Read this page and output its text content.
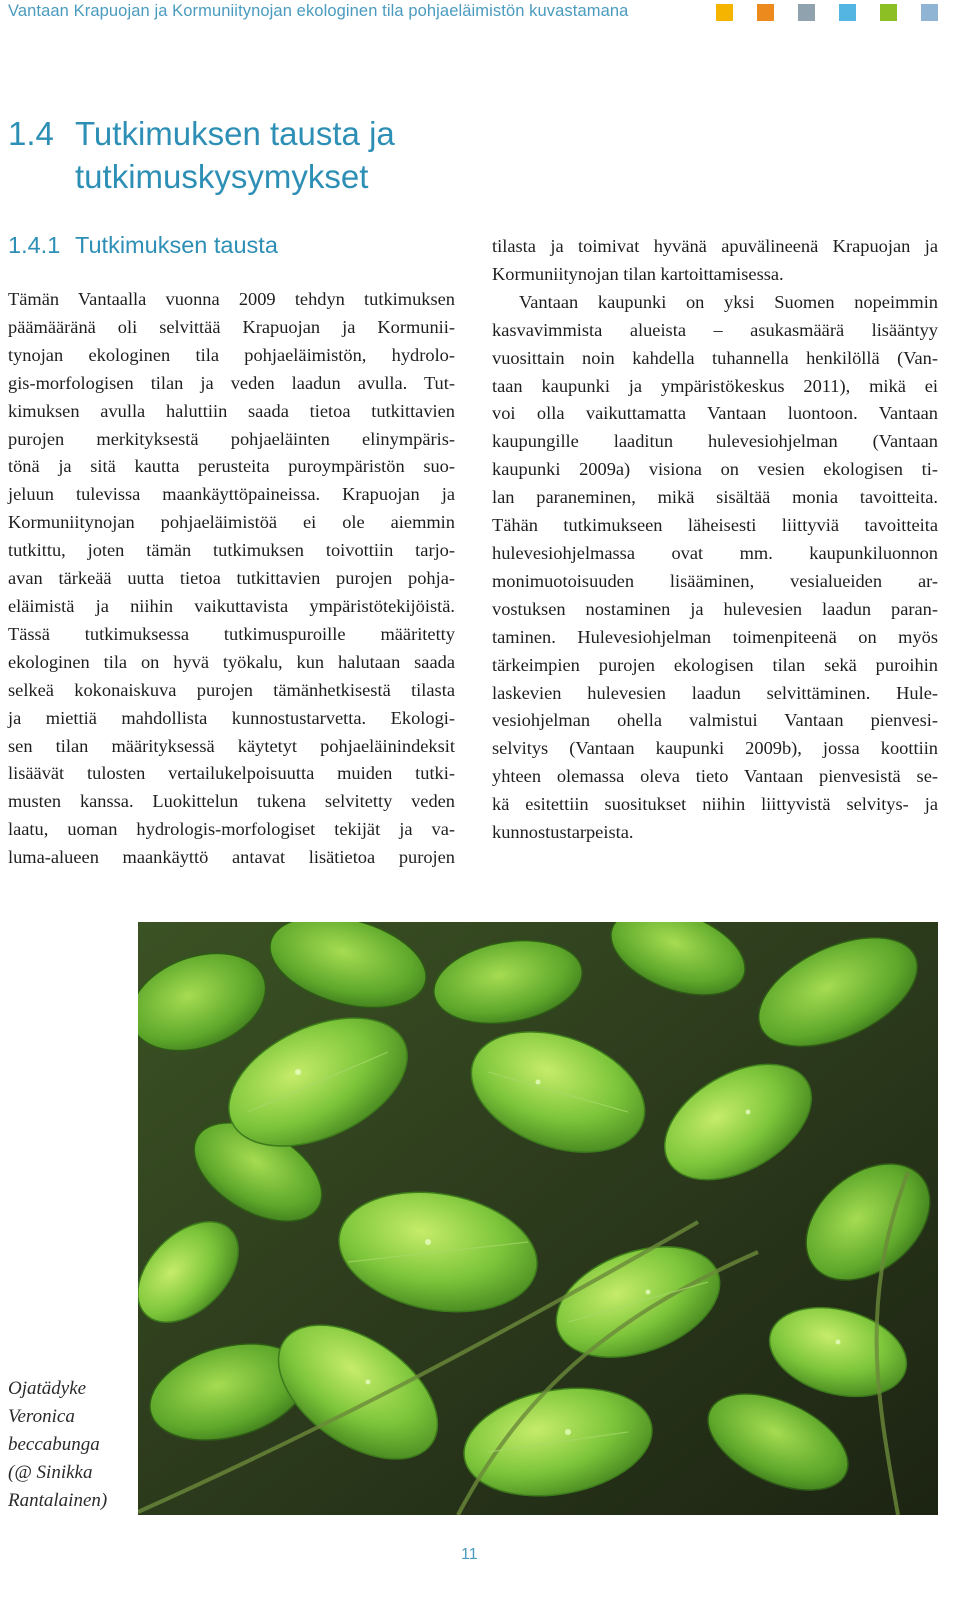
Vantaan Krapuojan ja Kormuniitynojan ekologinen tila pohjaeläimistön kuvastamana
1.4 Tutkimuksen tausta ja
tutkimuskysymykset
1.4.1 Tutkimuksen tausta
Tämän Vantaalla vuonna 2009 tehdyn tutkimuksen
päämääränä oli selvittää Krapuojan ja Kormunii-
tynojan ekologinen tila pohjaeläimistön, hydrolo-
gis-morfologisen tilan ja veden laadun avulla. Tut-
kimuksen avulla haluttiin saada tietoa tutkittavien
purojen merkityksestä pohjaeläinten elinympäris-
tönä ja sitä kautta perusteita puroympäristön suo-
jeluun tulevissa maankäyttöpaineissa. Krapuojan ja
Kormuniitynojan pohjaeläimistöä ei ole aiemmin
tutkittu, joten tämän tutkimuksen toivottiin tarjo-
avan tärkeää uutta tietoa tutkittavien purojen pohja-
eläimistä ja niihin vaikuttavista ympäristötekijöistä.
Tässä tutkimuksessa tutkimuspuroille määritetty
ekologinen tila on hyvä työkalu, kun halutaan saada
selkeä kokonaiskuva purojen tämänhetkisestä tilasta
ja miettiä mahdollista kunnostustarvetta. Ekologi-
sen tilan määrityksessä käytetyt pohjaeläinindeksit
lisäävät tulosten vertailukelpoisuutta muiden tutki-
musten kanssa. Luokittelun tukena selvitetty veden
laatu, uoman hydrologis-morfologiset tekijät ja va-
luma-alueen maankäyttö antavat lisätietoa purojen

tilasta ja toimivat hyvänä apuvälineenä Krapuojan ja
Kormuniitynojan tilan kartoittamisessa.

Vantaan kaupunki on yksi Suomen nopeimmin
kasvavimmista alueista – asukasmäärä lisääntyy
vuosittain noin kahdella tuhannella henkilöllä (Van-
taan kaupunki ja ympäristökeskus 2011), mikä ei
voi olla vaikuttamatta Vantaan luontoon. Vantaan
kaupungille laaditun hulevesiohjelman (Vantaan
kaupunki 2009a) visiona on vesien ekologisen ti-
lan paraneminen, mikä sisältää monia tavoitteita.
Tähän tutkimukseen läheisesti liittyviä tavoitteita
hulevesiohjelmassa ovat mm. kaupunkiluonnon
monimuotoisuuden lisääminen, vesialueiden ar-
vostuksen nostaminen ja hulevesien laadun paran-
taminen. Hulevesiohjelman toimenpiteenä on myös
tärkeimpien purojen ekologisen tilan sekä puroihin
laskevien hulevesien laadun selvittäminen. Hule-
vesiohjelman ohella valmistui Vantaan pienvesi-
selvitys (Vantaan kaupunki 2009b), jossa koottiin
yhteen olemassa oleva tieto Vantaan pienvesistä se-
kä esitettiin suositukset niihin liittyvistä selvitys- ja
kunnostustarpeista.

Ojatädyke
Veronica
beccabunga
(@ Sinikka
Rantalainen)
11
